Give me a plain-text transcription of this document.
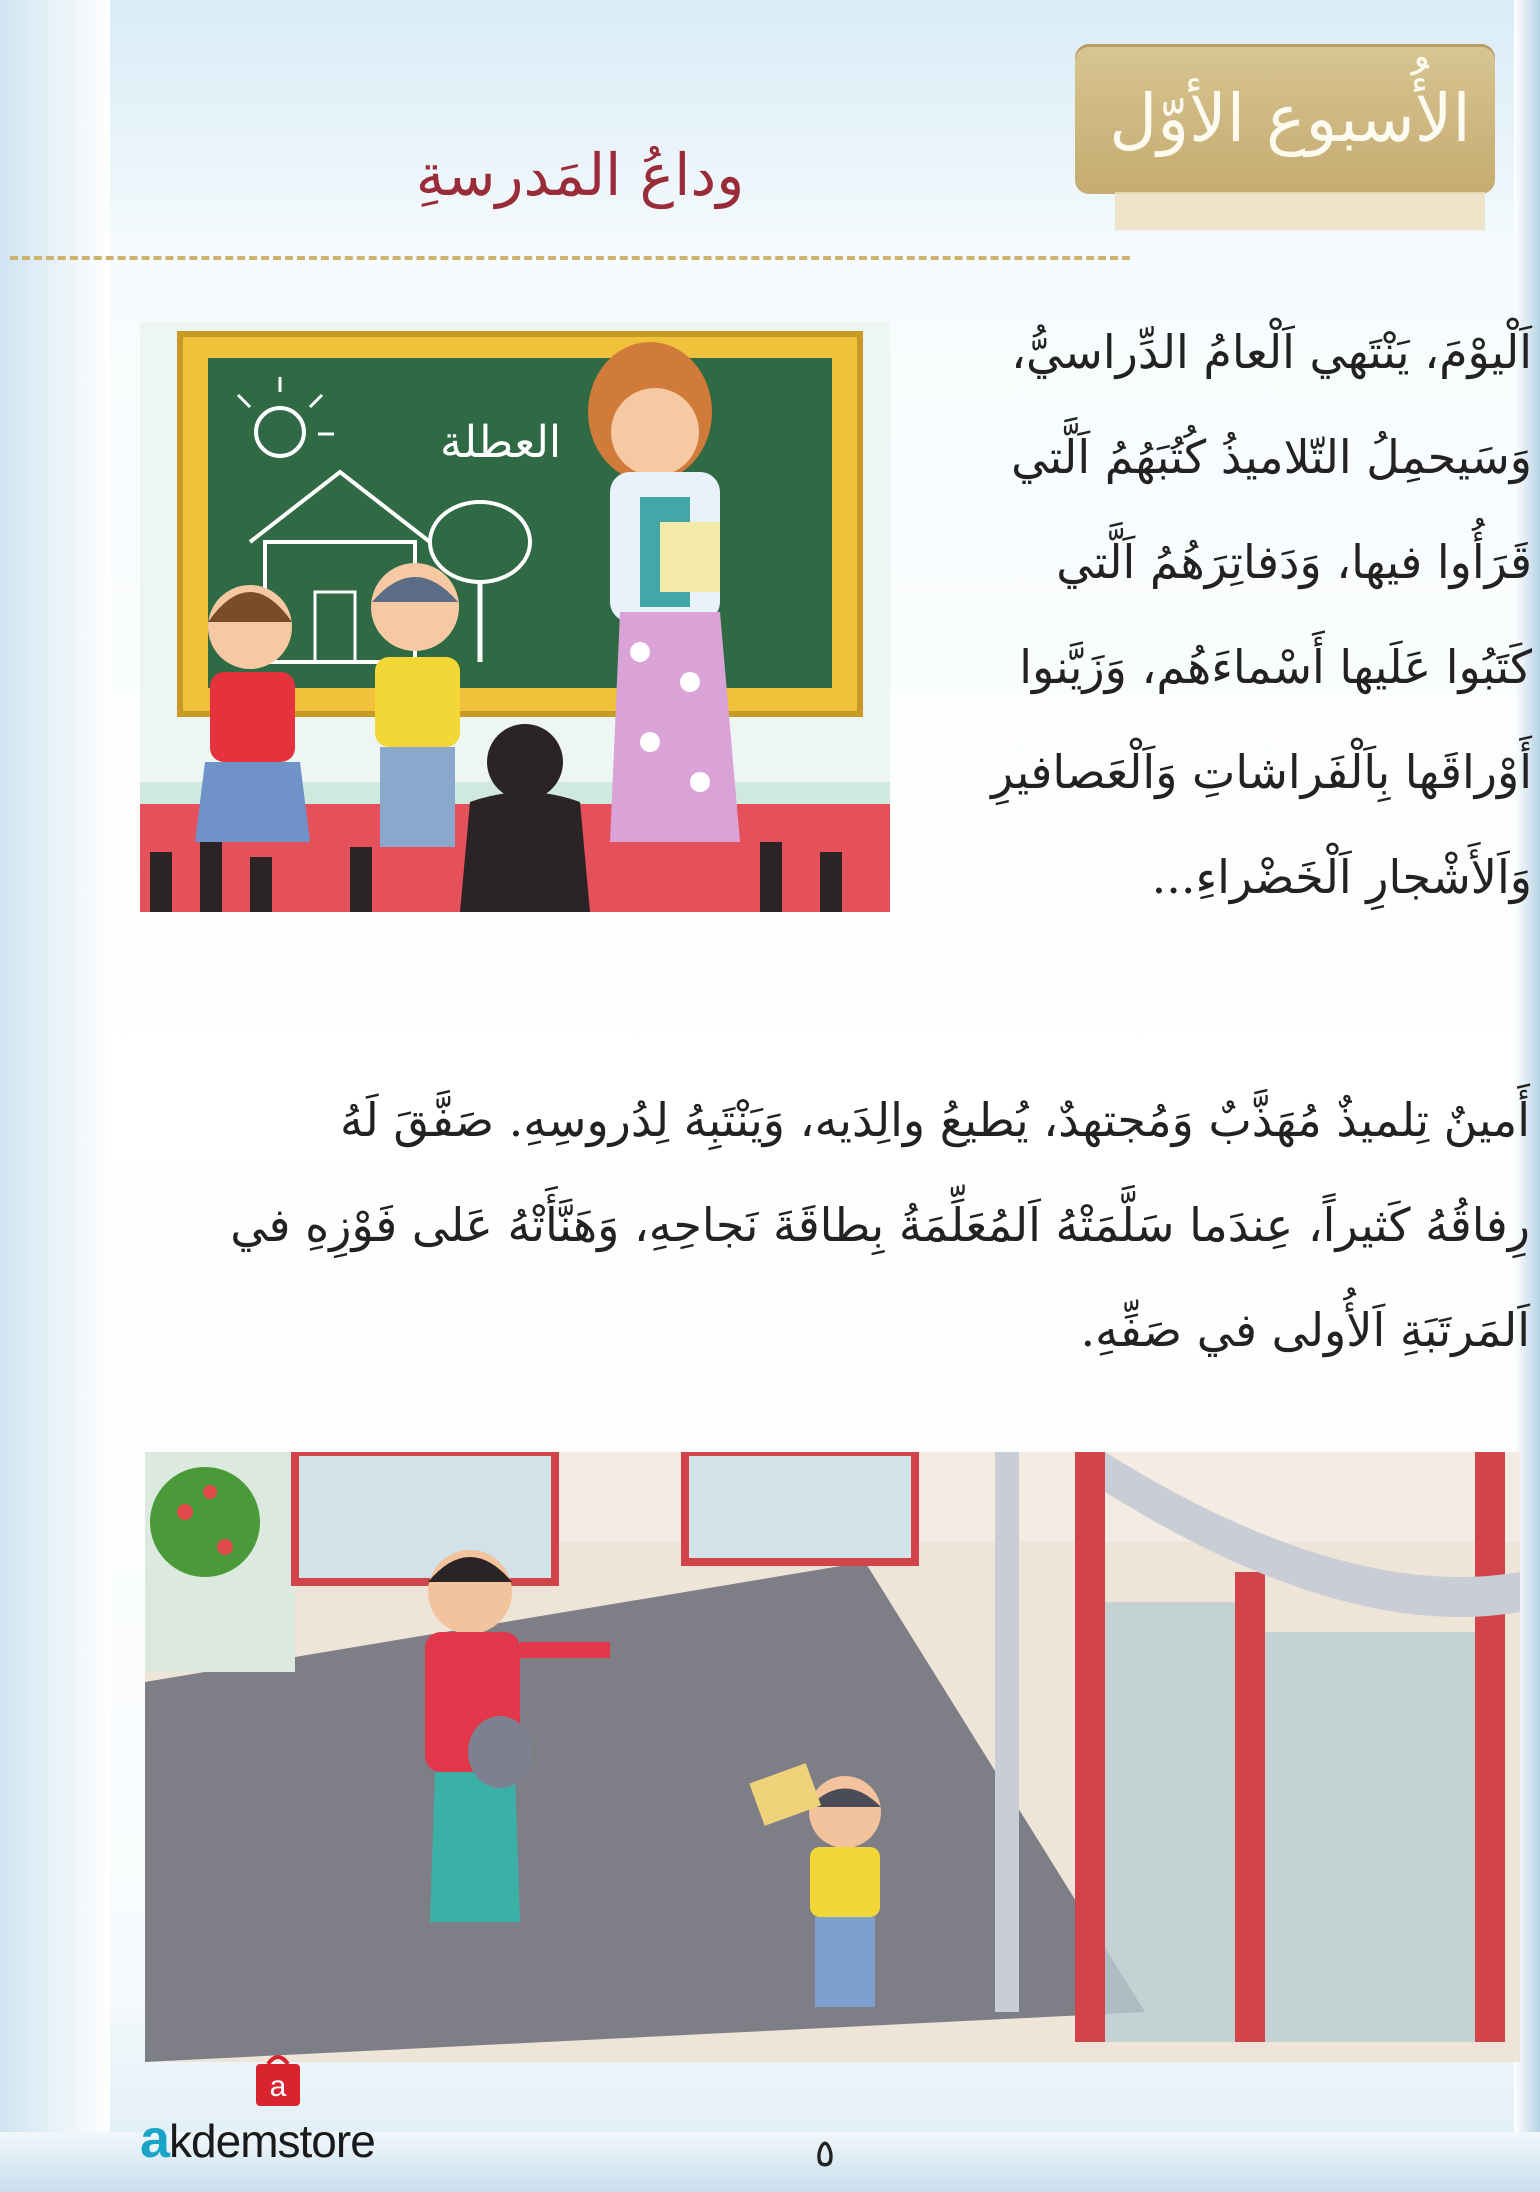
الأُسبوع الأوّل
وداعُ المَدرسةِ
العطلة

اَلْيوْمَ، يَنْتَهي اَلْعامُ الدِّراسيُّ،
وَسَيحمِلُ التّلاميذُ كُتُبَهُمُ اَلَّتي
قَرَأُوا فيها، وَدَفاتِرَهُمُ اَلَّتي
كَتَبُوا عَلَيها أَسْماءَهُم، وَزَيَّنوا
أَوْراقَها بِاَلْفَراشاتِ وَاَلْعَصافيرِ
وَاَلأَشْجارِ اَلْخَضْراءِ...

أَمينٌ تِلميذٌ مُهَذَّبٌ وَمُجتهدٌ، يُطيعُ والِدَيه، وَيَنْتَبِهُ لِدُروسِهِ. صَفَّقَ لَهُ
رِفاقُهُ كَثيراً، عِندَما سَلَّمَتْهُ اَلمُعَلِّمَةُ بِطاقَةَ نَجاحِهِ، وَهَنَّأَتْهُ عَلى فَوْزِهِ في
اَلمَرتَبَةِ اَلأُولى في صَفِّهِ.

a
akdemstore	٥
